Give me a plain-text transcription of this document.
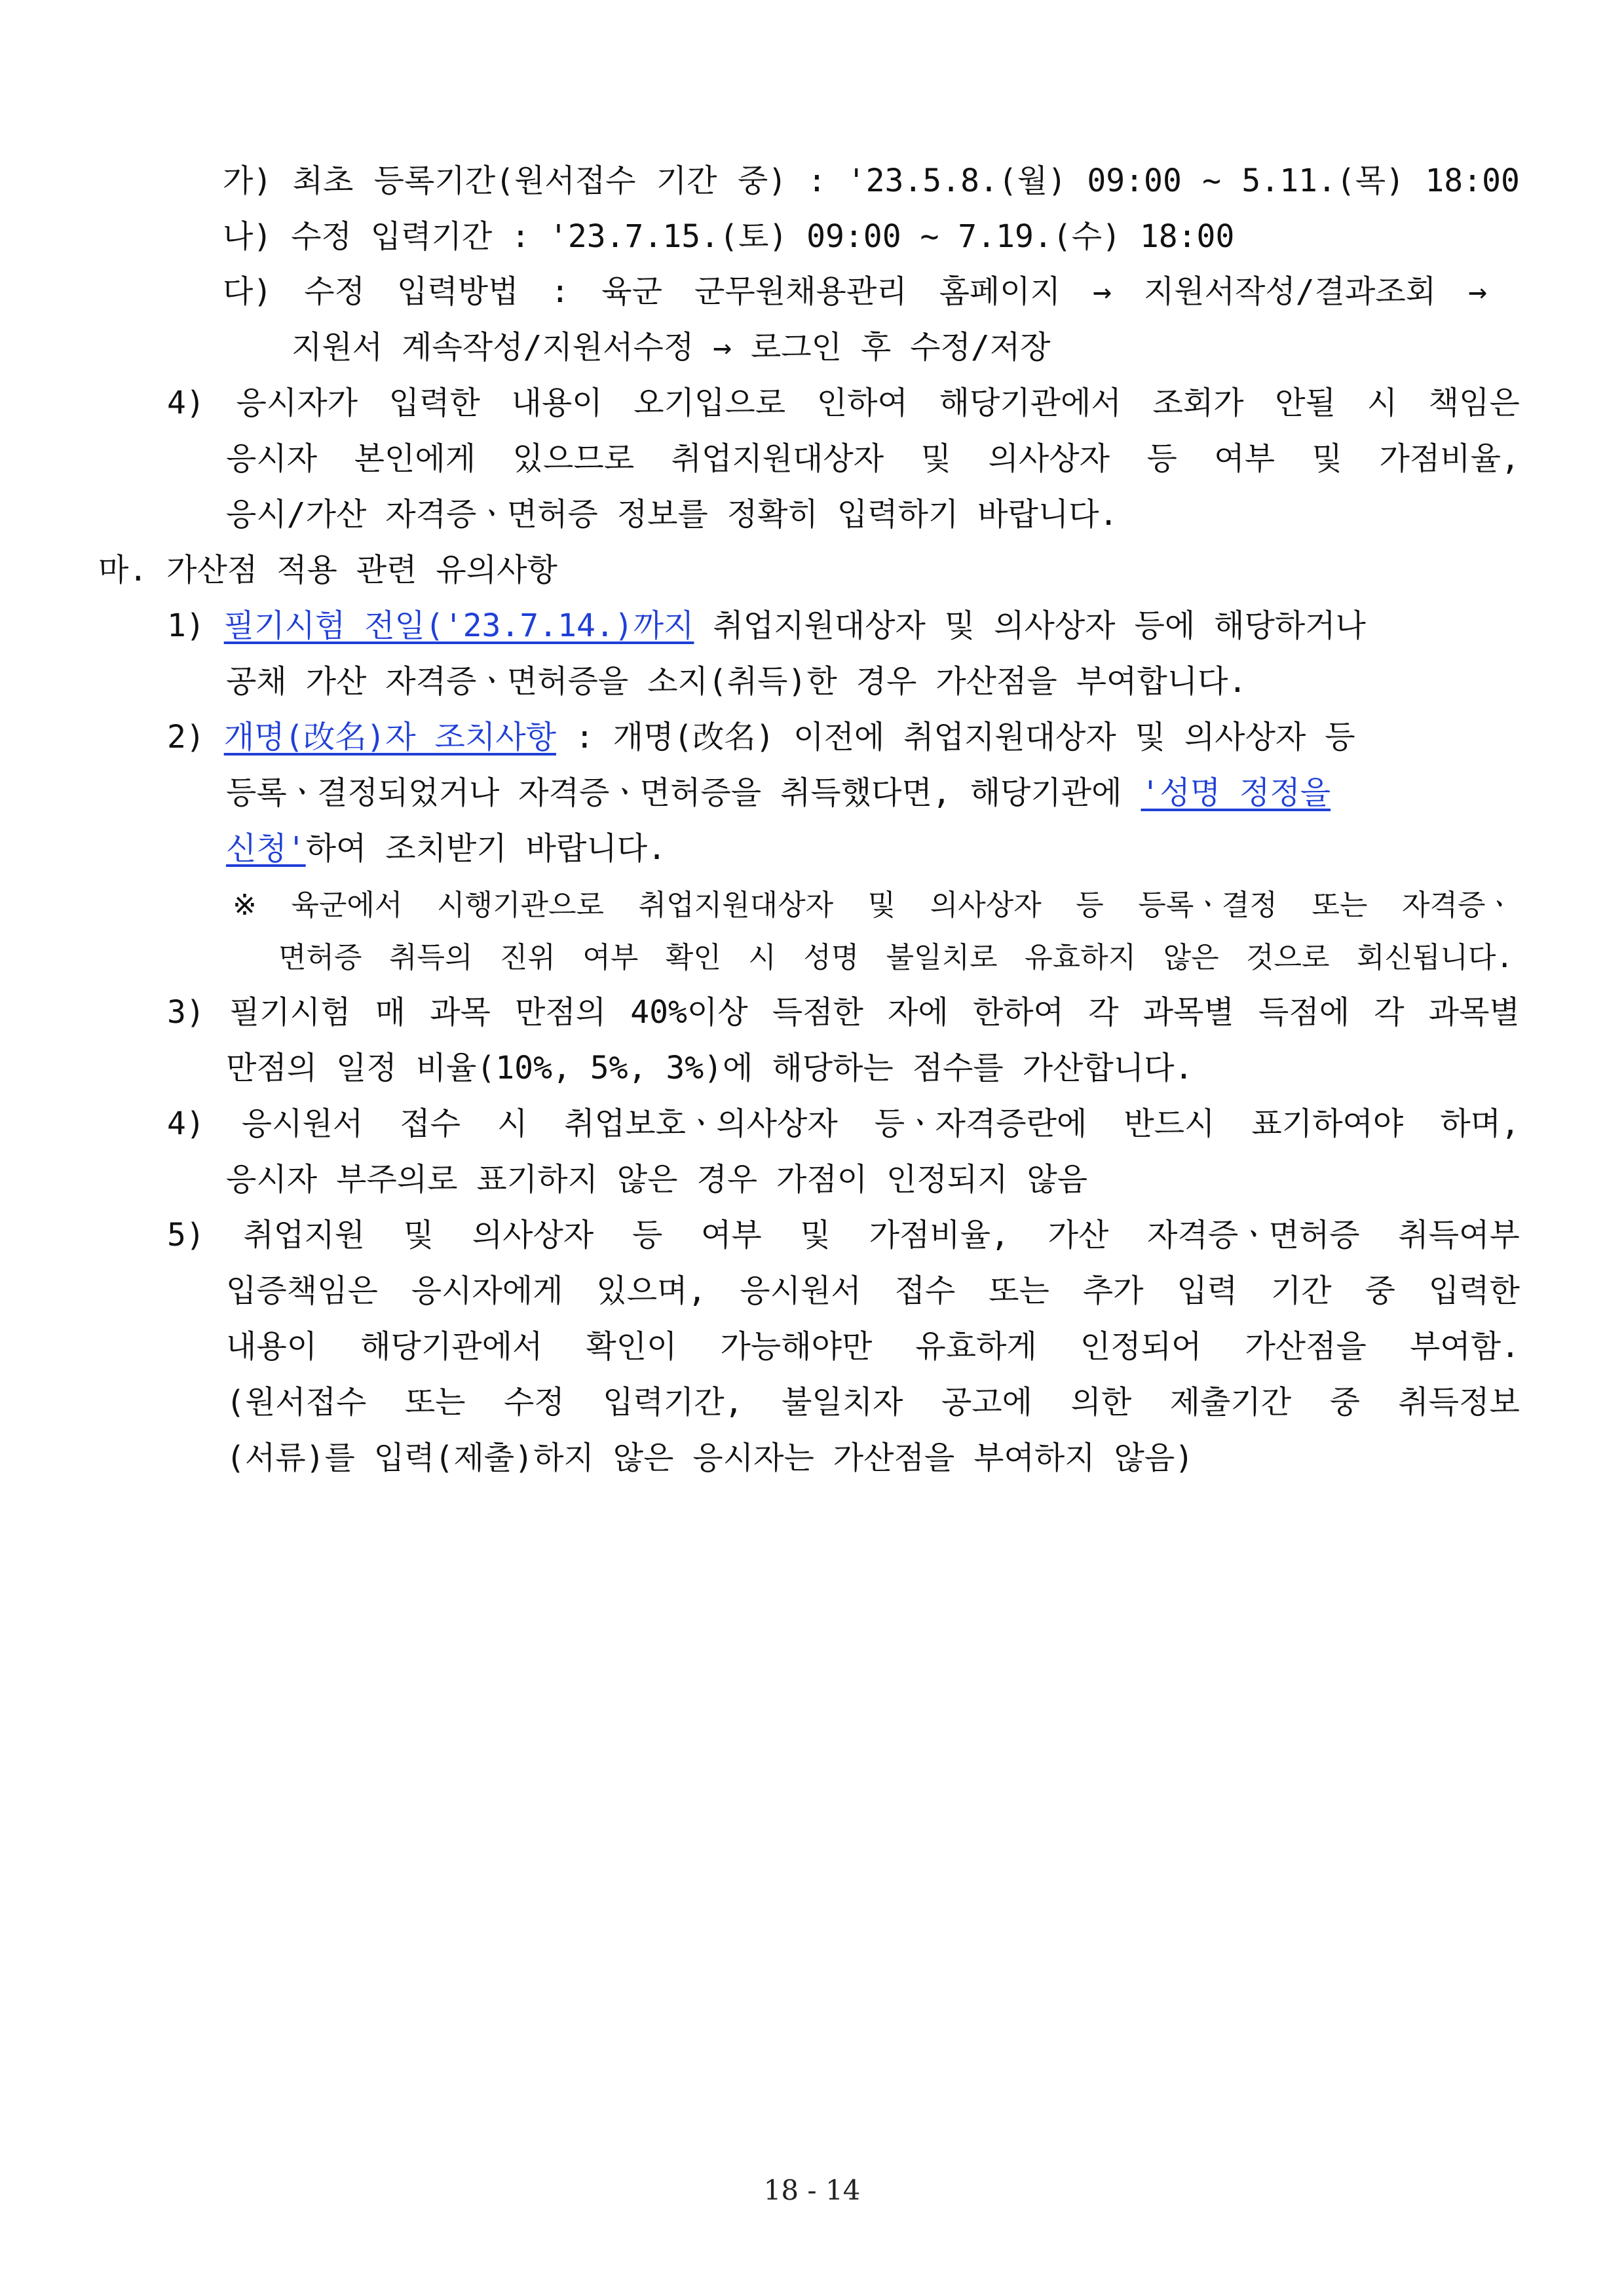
가) 최초 등록기간(원서접수 기간 중) : '23.5.8.(월) 09:00 ~ 5.11.(목) 18:00
나) 수정 입력기간 : '23.7.15.(토) 09:00 ~ 7.19.(수) 18:00
다) 수정 입력방법 : 육군 군무원채용관리 홈페이지 → 지원서작성/결과조회 →
지원서 계속작성/지원서수정 → 로그인 후 수정/저장
4) 응시자가 입력한 내용이 오기입으로 인하여 해당기관에서 조회가 안될 시 책임은
응시자 본인에게 있으므로 취업지원대상자 및 의사상자 등 여부 및 가점비율,
응시/가산 자격증ㆍ면허증 정보를 정확히 입력하기 바랍니다.
마. 가산점 적용 관련 유의사항
1) 필기시험 전일('23.7.14.)까지 취업지원대상자 및 의사상자 등에 해당하거나
공채 가산 자격증ㆍ면허증을 소지(취득)한 경우 가산점을 부여합니다.
2) 개명(改名)자 조치사항 : 개명(改名) 이전에 취업지원대상자 및 의사상자 등
등록ㆍ결정되었거나 자격증ㆍ면허증을 취득했다면, 해당기관에 '성명 정정을
신청' 하여 조치받기 바랍니다.
※ 육군에서 시행기관으로 취업지원대상자 및 의사상자 등 등록ㆍ결정 또는 자격증ㆍ
면허증 취득의 진위 여부 확인 시 성명 불일치로 유효하지 않은 것으로 회신됩니다.
3) 필기시험 매 과목 만점의 40%이상 득점한 자에 한하여 각 과목별 득점에 각 과목별
만점의 일정 비율(10%, 5%, 3%)에 해당하는 점수를 가산합니다.
4) 응시원서 접수 시 취업보호ㆍ의사상자 등ㆍ자격증란에 반드시 표기하여야 하며,
응시자 부주의로 표기하지 않은 경우 가점이 인정되지 않음
5) 취업지원 및 의사상자 등 여부 및 가점비율, 가산 자격증ㆍ면허증 취득여부
입증책임은 응시자에게 있으며, 응시원서 접수 또는 추가 입력 기간 중 입력한
내용이 해당기관에서 확인이 가능해야만 유효하게 인정되어 가산점을 부여함.
(원서접수 또는 수정 입력기간, 불일치자 공고에 의한 제출기간 중 취득정보
(서류)를 입력(제출)하지 않은 응시자는 가산점을 부여하지 않음)
18 - 14
